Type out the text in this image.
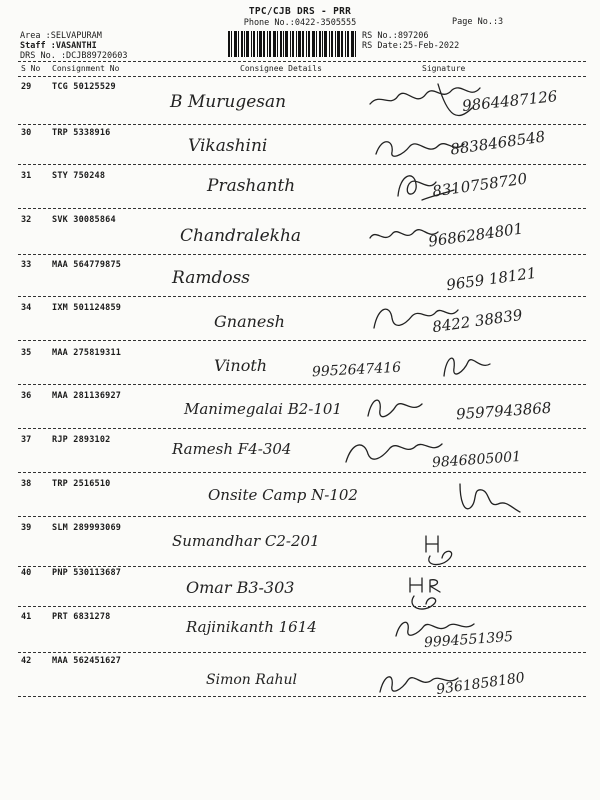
TPC/CJB DRS - PRR
Phone No.:0422-3505555	Page No.:3
Area :SELVAPURAM
Staff :VASANTHI
DRS No. :DCJB89720603
RS No.:897206
RS Date:25-Feb-2022
S No Consignment No	Consignee Details	Signature
29 TCG 50125529
B Murugesan	9864487126
30 TRP 5338916
Vikashini	8838468548
31 STY 750248	Prashanth	8310758720
32 SVK 30085864
Chandralekha	9686284801
33 MAA 564779875
Ramdoss	9659 18121
34 IXM 501124859
Gnanesh	8422 38839
35 MAA 275819311
Vinoth	9952647416
36 MAA 281136927
Manimegalai B2-101	9597943868
37 RJP 2893102	Ramesh F4-304	9846805001
38 TRP 2516510
Onsite Camp N-102
39 SLM 289993069
Sumandhar C2-201
40 PNP 530113687
Omar B3-303
41 PRT 6831278
Rajinikanth 1614
9994551395
42 MAA 562451627
Simon Rahul	9361858180
